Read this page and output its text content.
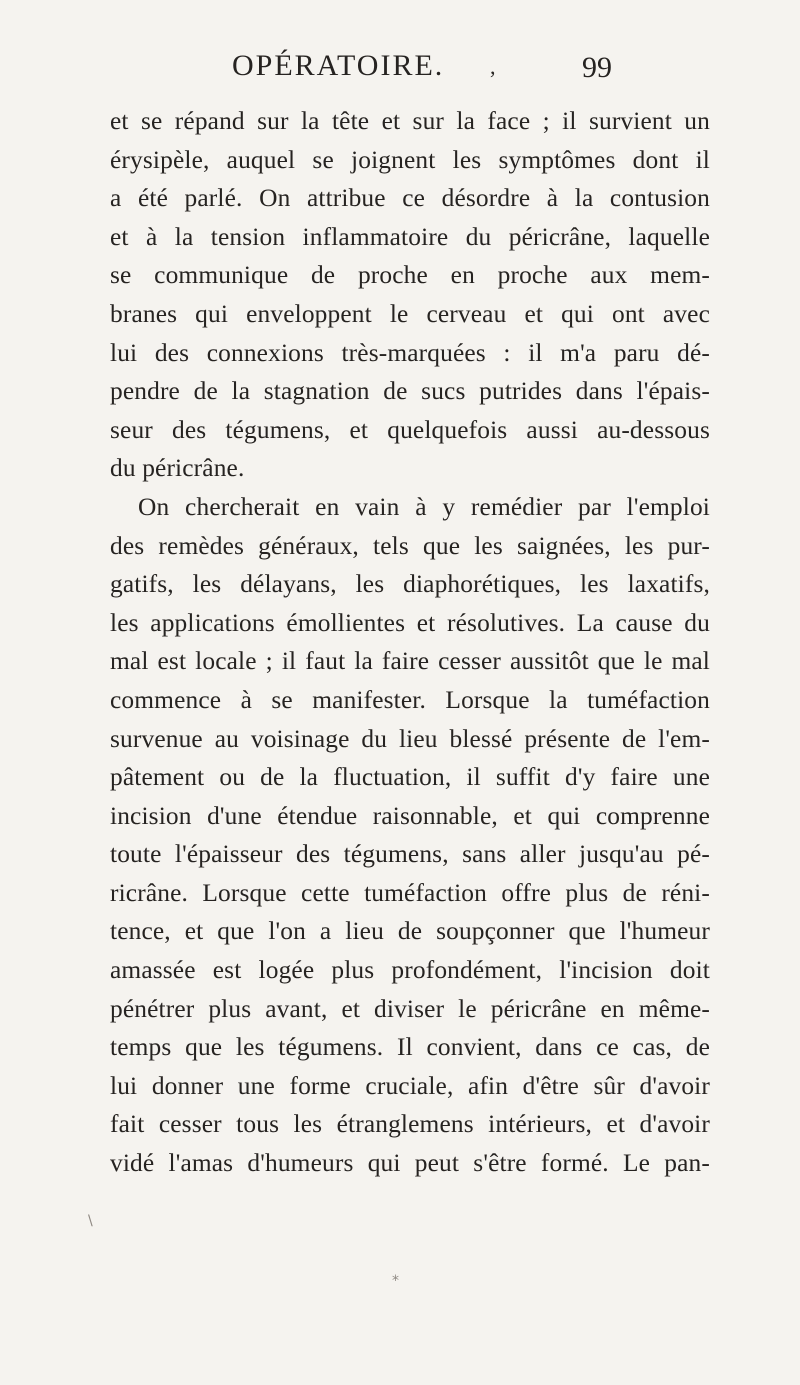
OPÉRATOIRE. ,	99
et se répand sur la tête et sur la face ; il survient un
érysipèle, auquel se joignent les symptômes dont il
a été parlé. On attribue ce désordre à la contusion
et à la tension inflammatoire du péricrâne, laquelle
se communique de proche en proche aux mem-
branes qui enveloppent le cerveau et qui ont avec
lui des connexions très-marquées : il m'a paru dé-
pendre de la stagnation de sucs putrides dans l'épais-
seur des tégumens, et quelquefois aussi au-dessous
du péricrâne.
On chercherait en vain à y remédier par l'emploi
des remèdes généraux, tels que les saignées, les pur-
gatifs, les délayans, les diaphorétiques, les laxatifs,
les applications émollientes et résolutives. La cause du
mal est locale ; il faut la faire cesser aussitôt que le mal
commence à se manifester. Lorsque la tuméfaction
survenue au voisinage du lieu blessé présente de l'em-
pâtement ou de la fluctuation, il suffit d'y faire une
incision d'une étendue raisonnable, et qui comprenne
toute l'épaisseur des tégumens, sans aller jusqu'au pé-
ricrâne. Lorsque cette tuméfaction offre plus de réni-
tence, et que l'on a lieu de soupçonner que l'humeur
amassée est logée plus profondément, l'incision doit
pénétrer plus avant, et diviser le péricrâne en même-
temps que les tégumens. Il convient, dans ce cas, de
lui donner une forme cruciale, afin d'être sûr d'avoir
fait cesser tous les étranglemens intérieurs, et d'avoir
vidé l'amas d'humeurs qui peut s'être formé. Le pan-
\
*
